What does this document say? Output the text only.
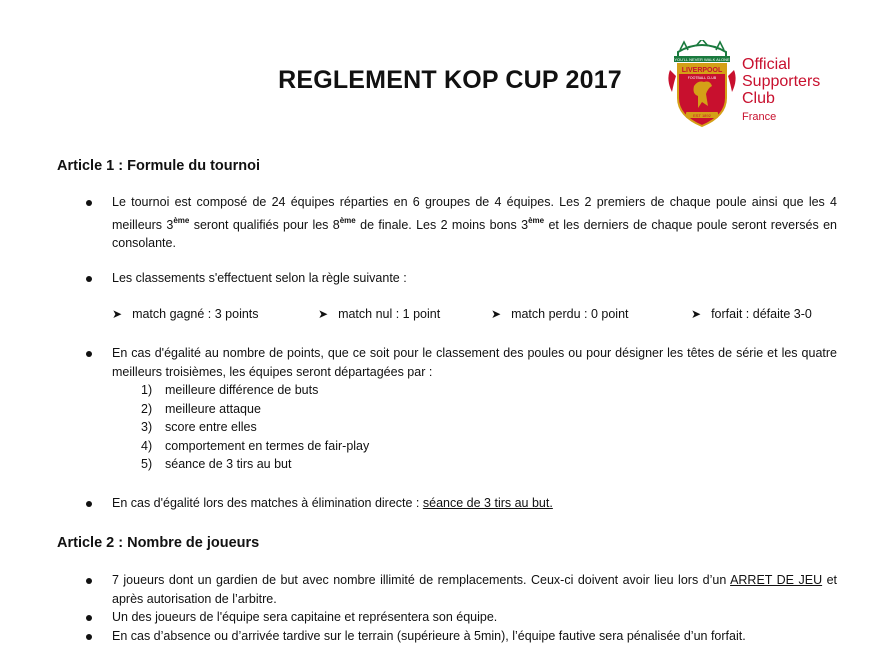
REGLEMENT KOP CUP 2017
YOU'LL NEVER WALK ALONE
LIVERPOOL
FOOTBALL CLUB
EST 1892
Official
Supporters
Club
France
Article 1 : Formule du tournoi
Le tournoi est composé de 24 équipes réparties en 6 groupes de 4 équipes. Les 2 premiers de chaque poule ainsi que les 4 meilleurs 3ème seront qualifiés pour les 8ème de finale. Les 2 moins bons 3ème et les derniers de chaque poule seront reversés en consolante.
Les classements s'effectuent selon la règle suivante :
➤ match gagné : 3 points	➤ match nul : 1 point	➤ match perdu : 0 point	➤ forfait : défaite 3-0
En cas d'égalité au nombre de points, que ce soit pour le classement des poules ou pour désigner les têtes de série et les quatre meilleurs troisièmes, les équipes seront départagées par :
1) meilleure différence de buts
2) meilleure attaque
3) score entre elles
4) comportement en termes de fair-play
5) séance de 3 tirs au but
En cas d'égalité lors des matches à élimination directe : séance de 3 tirs au but.
Article 2 : Nombre de joueurs
7 joueurs dont un gardien de but avec nombre illimité de remplacements. Ceux-ci doivent avoir lieu lors d’un ARRET DE JEU et après autorisation de l’arbitre.
Un des joueurs de l'équipe sera capitaine et représentera son équipe.
En cas d’absence ou d’arrivée tardive sur le terrain (supérieure à 5min), l’équipe fautive sera pénalisée d’un forfait.
